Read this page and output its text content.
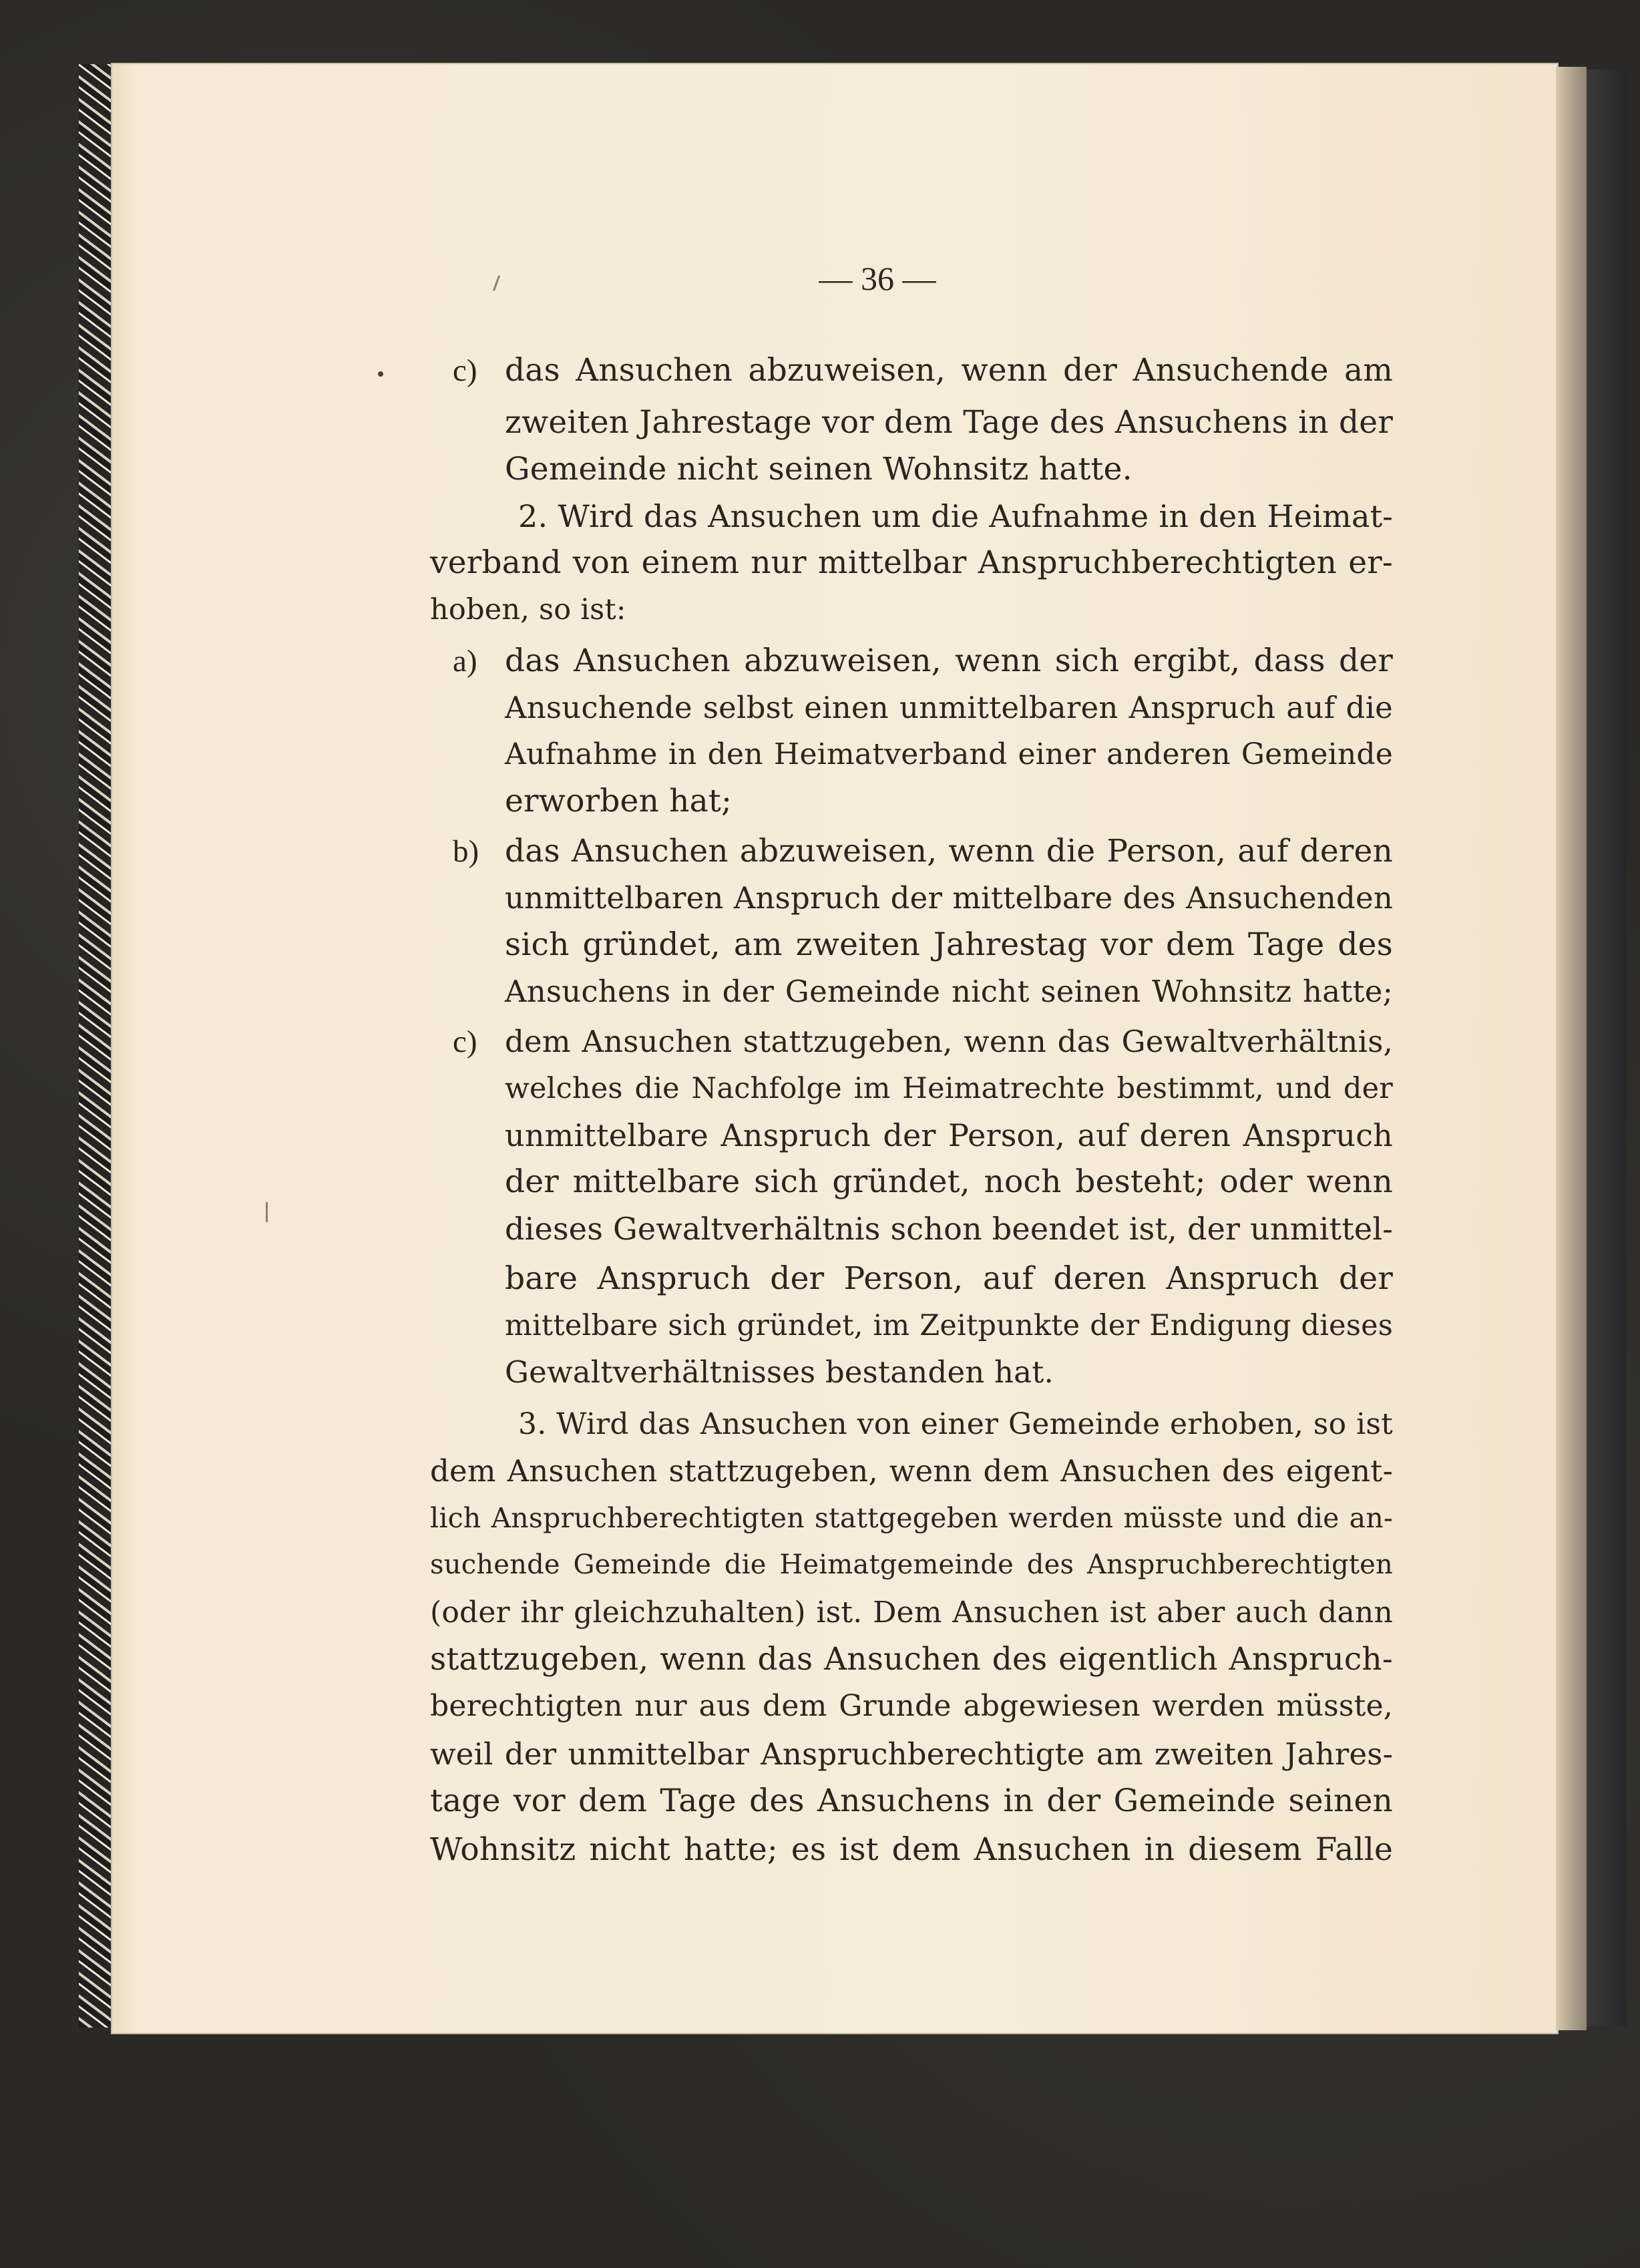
— 36 —
c) das Ansuchen abzuweisen, wenn der Ansuchende am
zweiten Jahrestage vor dem Tage des Ansuchens in der
Gemeinde nicht seinen Wohnsitz hatte.
2. Wird das Ansuchen um die Aufnahme in den Heimat-
verband von einem nur mittelbar Anspruchberechtigten er-
hoben, so ist:
a) das Ansuchen abzuweisen, wenn sich ergibt, dass der
Ansuchende selbst einen unmittelbaren Anspruch auf die
Aufnahme in den Heimatverband einer anderen Gemeinde
erworben hat;
b) das Ansuchen abzuweisen, wenn die Person, auf deren
unmittelbaren Anspruch der mittelbare des Ansuchenden
sich gründet, am zweiten Jahrestag vor dem Tage des
Ansuchens in der Gemeinde nicht seinen Wohnsitz hatte;
c) dem Ansuchen stattzugeben, wenn das Gewaltverhältnis,
welches die Nachfolge im Heimatrechte bestimmt, und der
unmittelbare Anspruch der Person, auf deren Anspruch
der mittelbare sich gründet, noch besteht; oder wenn
dieses Gewaltverhältnis schon beendet ist, der unmittel-
bare Anspruch der Person, auf deren Anspruch der
mittelbare sich gründet, im Zeitpunkte der Endigung dieses
Gewaltverhältnisses bestanden hat.
3. Wird das Ansuchen von einer Gemeinde erhoben, so ist
dem Ansuchen stattzugeben, wenn dem Ansuchen des eigent-
lich Anspruchberechtigten stattgegeben werden müsste und die an-
suchende Gemeinde die Heimatgemeinde des Anspruchberechtigten
(oder ihr gleichzuhalten) ist. Dem Ansuchen ist aber auch dann
stattzugeben, wenn das Ansuchen des eigentlich Anspruch-
berechtigten nur aus dem Grunde abgewiesen werden müsste,
weil der unmittelbar Anspruchberechtigte am zweiten Jahres-
tage vor dem Tage des Ansuchens in der Gemeinde seinen
Wohnsitz nicht hatte; es ist dem Ansuchen in diesem Falle
